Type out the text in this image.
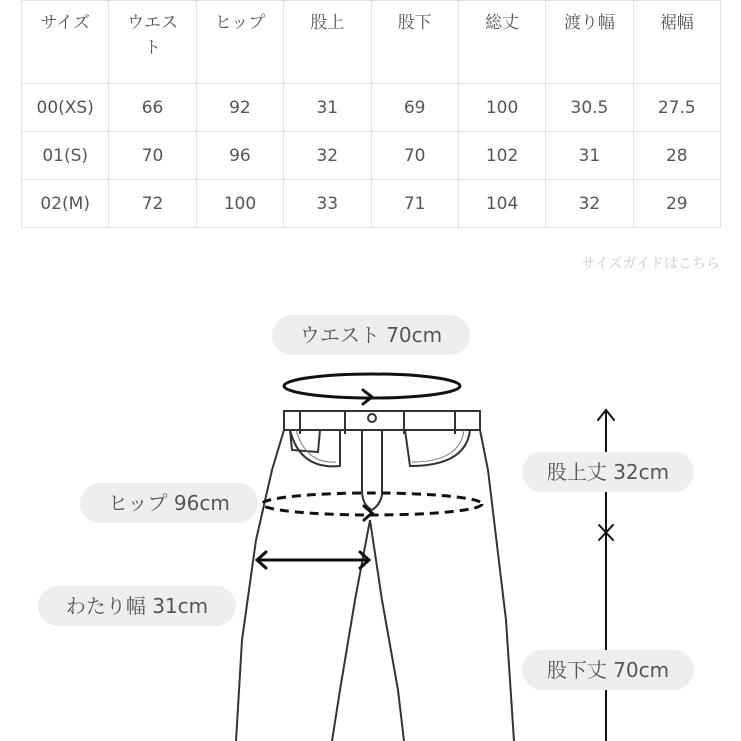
サイズ	ウエスト	ヒップ	股上	股下	総丈	渡り幅	裾幅
00(XS)	66	92	31	69	100	30.5	27.5
01(S)	70	96	32	70	102	31	28
02(M)	72	100	33	71	104	32	29
サイズガイドはこちら
ウエスト 70cm
ヒップ 96cm
わたり幅 31cm
股上丈 32cm
股下丈 70cm
